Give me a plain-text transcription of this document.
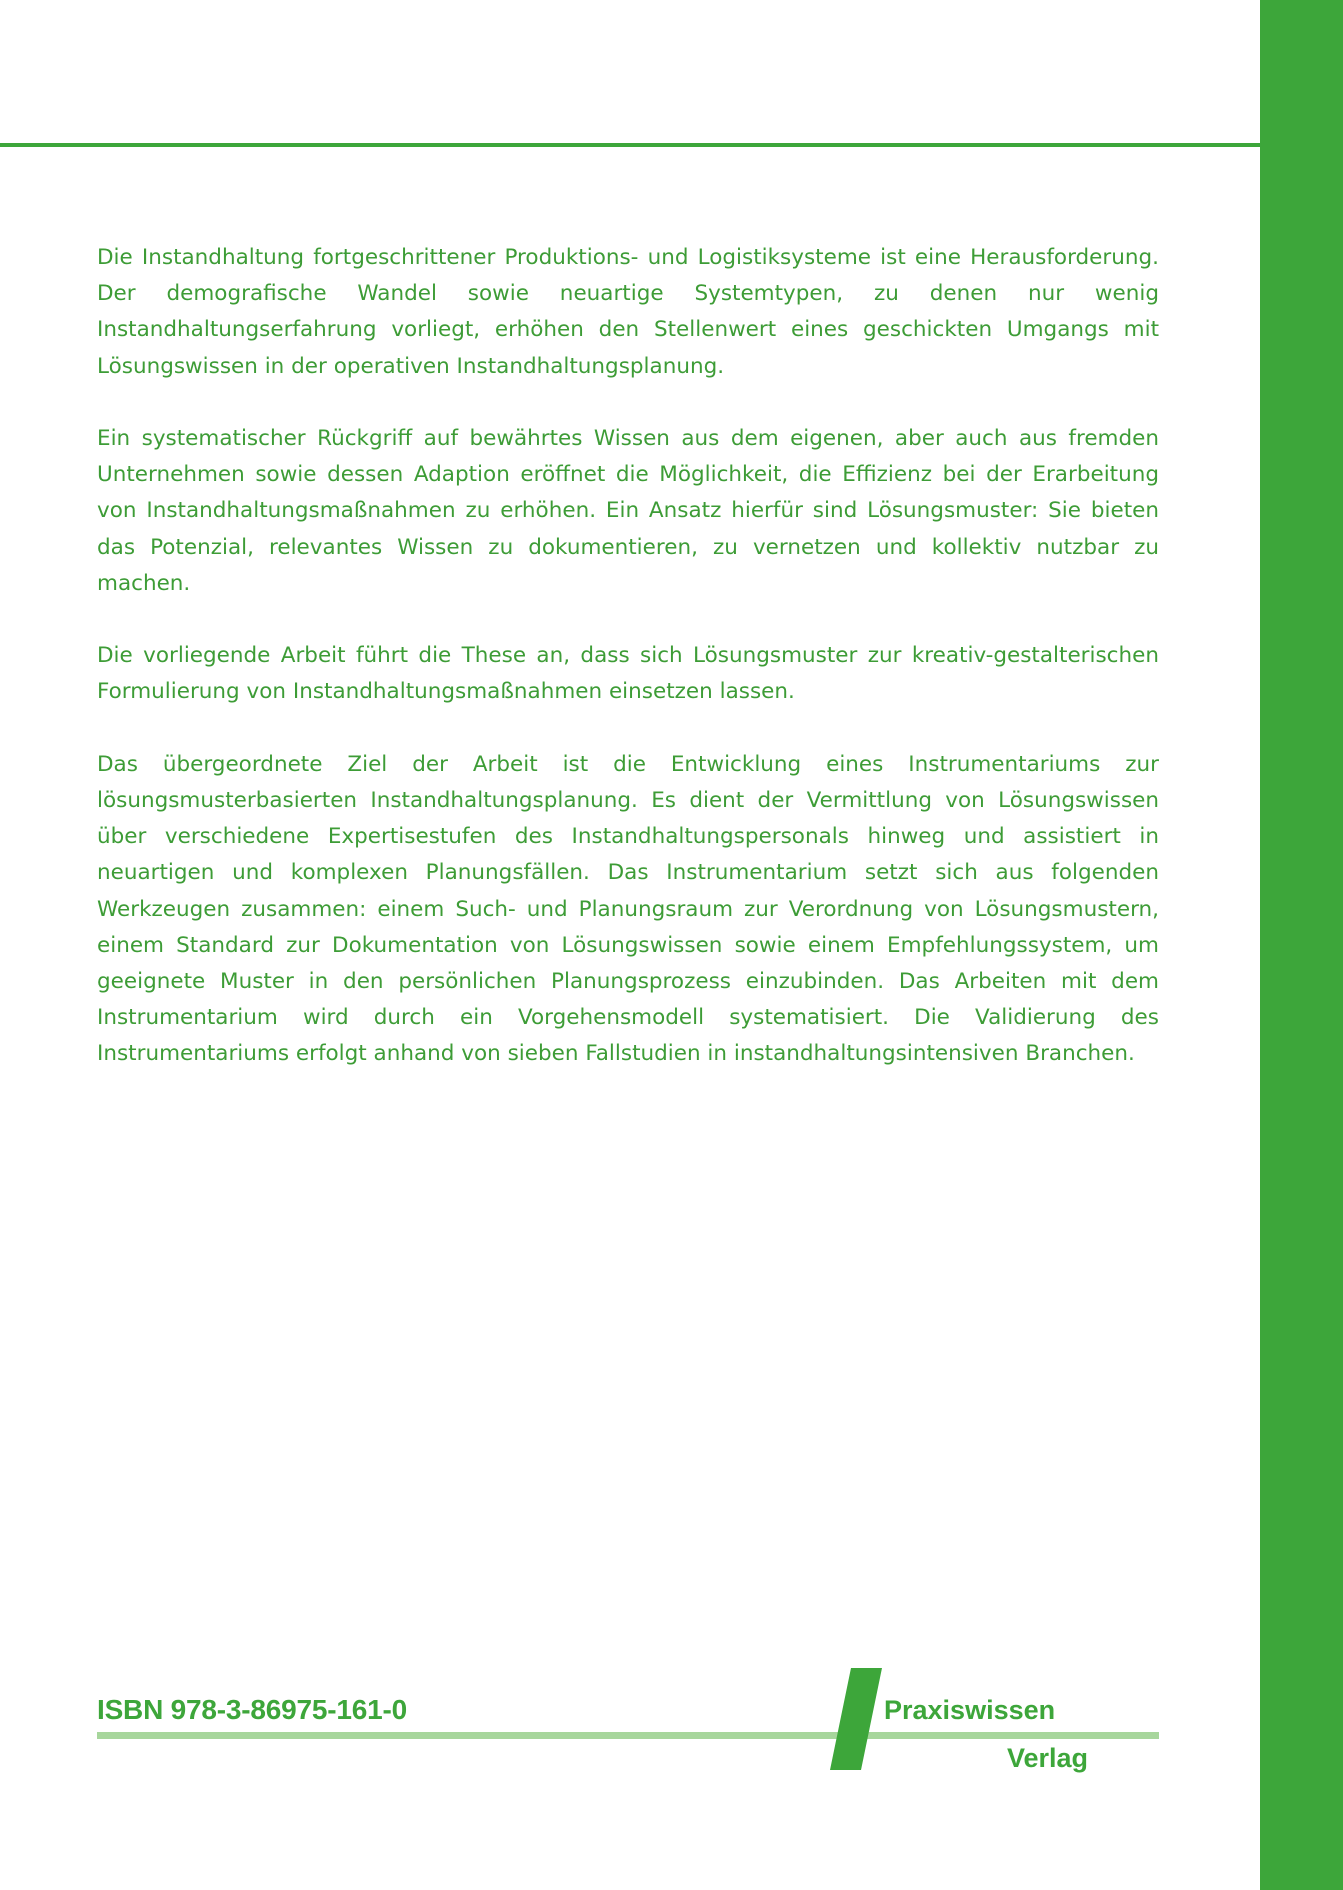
Die Instandhaltung fortgeschrittener Produktions- und Logistiksysteme ist eine Herausforderung. Der demografische Wandel sowie neuartige Systemtypen, zu denen nur wenig Instandhaltungserfahrung vorliegt, erhöhen den Stellenwert eines geschickten Umgangs mit Lösungswissen in der operativen Instandhaltungsplanung.

Ein systematischer Rückgriff auf bewährtes Wissen aus dem eigenen, aber auch aus fremden Unternehmen sowie dessen Adaption eröffnet die Möglichkeit, die Effizienz bei der Erarbeitung von Instandhaltungsmaßnahmen zu erhöhen. Ein Ansatz hierfür sind Lösungsmuster: Sie bieten das Potenzial, relevantes Wissen zu dokumentieren, zu vernetzen und kollektiv nutzbar zu machen.

Die vorliegende Arbeit führt die These an, dass sich Lösungsmuster zur kreativ-gestalterischen Formulierung von Instandhaltungsmaßnahmen einsetzen lassen.

Das übergeordnete Ziel der Arbeit ist die Entwicklung eines Instrumentariums zur lösungsmusterbasierten Instandhaltungsplanung. Es dient der Vermittlung von Lösungswissen über verschiedene Expertisestufen des Instandhaltungspersonals hinweg und assistiert in neuartigen und komplexen Planungsfällen. Das Instrumentarium setzt sich aus folgenden Werkzeugen zusammen: einem Such- und Planungsraum zur Verordnung von Lösungsmustern, einem Standard zur Dokumentation von Lösungswissen sowie einem Empfehlungssystem, um geeignete Muster in den persönlichen Planungsprozess einzubinden. Das Arbeiten mit dem Instrumentarium wird durch ein Vorgehensmodell systematisiert. Die Validierung des Instrumentariums erfolgt anhand von sieben Fallstudien in instandhaltungsintensiven Branchen.

ISBN 978-3-86975-161-0	Praxiswissen
Verlag
